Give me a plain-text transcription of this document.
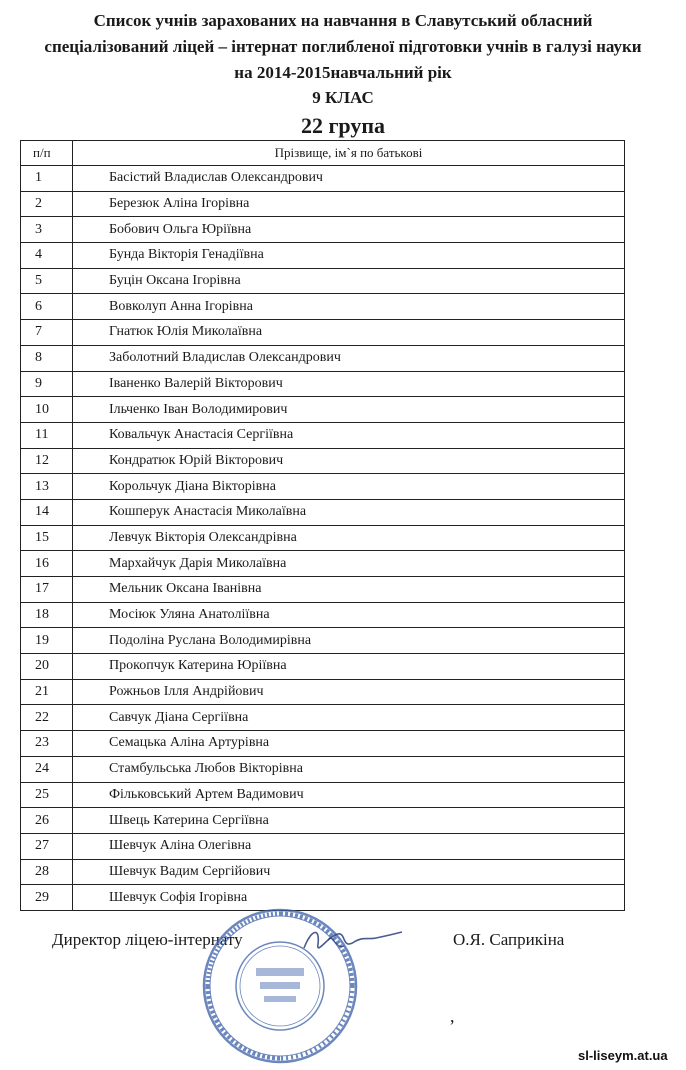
Список учнів зарахованих на навчання в Славутський обласний
спеціалізований ліцей – інтернат поглибленої підготовки учнів в галузі науки
на 2014-2015навчальний рік
9 КЛАС
22 група
п/п	Прізвище, ім`я по батькові
1	Басістий Владислав Олександрович
2	Березюк Аліна Ігорівна
3	Бобович Ольга Юріївна
4	Бунда Вікторія Генадіївна
5	Буцін Оксана Ігорівна
6	Вовколуп Анна Ігорівна
7	Гнатюк Юлія Миколаївна
8	Заболотний Владислав Олександрович
9	Іваненко Валерій Вікторович
10	Ільченко Іван Володимирович
11	Ковальчук Анастасія Сергіївна
12	Кондратюк Юрій Вікторович
13	Корольчук Діана Вікторівна
14	Кошперук Анастасія Миколаївна
15	Левчук Вікторія Олександрівна
16	Мархайчук Дарія Миколаївна
17	Мельник Оксана Іванівна
18	Мосіюк Уляна Анатоліївна
19	Подоліна Руслана Володимирівна
20	Прокопчук Катерина Юріївна
21	Рожньов Ілля Андрійович
22	Савчук Діана Сергіївна
23	Семацька Аліна Артурівна
24	Стамбульська Любов Вікторівна
25	Фільковський Артем Вадимович
26	Швець Катерина Сергіївна
27	Шевчук Аліна Олегівна
28	Шевчук Вадим Сергійович
29	Шевчук Софія Ігорівна
Директор ліцею-інтернату	О.Я. Саприкіна
,
sl-liseym.at.ua
